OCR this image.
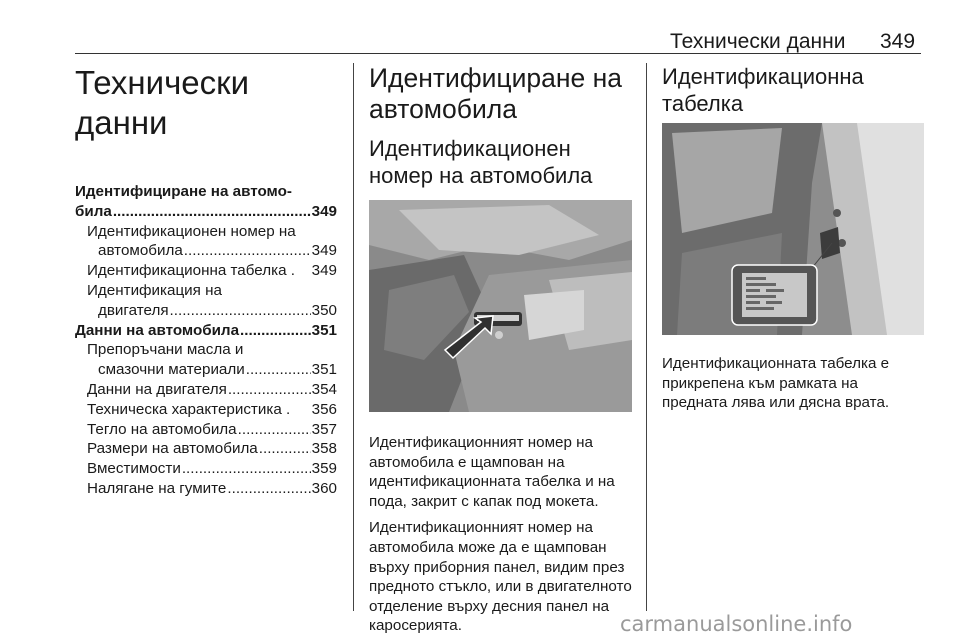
Технически данни 349
Технически данни
Идентифициране на автомо-
била .....	349
Идентификационен номер на
автомобила .....	349
Идентификационна табелка . 349
Идентификация на
двигателя .....	350
Данни на автомобила .....	351
Препоръчани масла и
смазочни материали .....	351
Данни на двигателя .....	354
Техническа характеристика . 356
Тегло на автомобила .....	357
Размери на автомобила .....	358
Вместимости .....	359
Налягане на гумите .....	360
Идентифициране на автомобила
Идентификационен номер на автомобила

Идентификационният номер на автомобила е щампован на идентификационната табелка и на пода, закрит с капак под мокета.

Идентификационният номер на автомобила може да е щампован върху приборния панел, видим през предното стъкло, или в двигателното отделение върху десния панел на каросерията.

Идентификационна табелка

Идентификационната табелка е прикрепена към рамката на предната лява или дясна врата.

carmanualsonline.info
